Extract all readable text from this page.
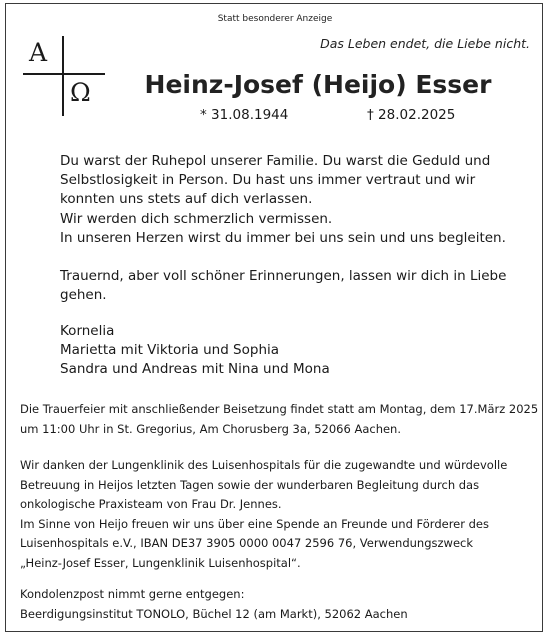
Statt besonderer Anzeige
Das Leben endet, die Liebe nicht.
A
Ω	Heinz-Josef (Heijo) Esser
* 31.08.1944	† 28.02.2025
Du warst der Ruhepol unserer Familie. Du warst die Geduld und
Selbstlosigkeit in Person. Du hast uns immer vertraut und wir
konnten uns stets auf dich verlassen.
Wir werden dich schmerzlich vermissen.
In unseren Herzen wirst du immer bei uns sein und uns begleiten.
Trauernd, aber voll schöner Erinnerungen, lassen wir dich in Liebe
gehen.
Kornelia
Marietta mit Viktoria und Sophia
Sandra und Andreas mit Nina und Mona
Die Trauerfeier mit anschließender Beisetzung findet statt am Montag, dem 17.März 2025
um 11:00 Uhr in St. Gregorius, Am Chorusberg 3a, 52066 Aachen.
Wir danken der Lungenklinik des Luisenhospitals für die zugewandte und würdevolle
Betreuung in Heijos letzten Tagen sowie der wunderbaren Begleitung durch das
onkologische Praxisteam von Frau Dr. Jennes.
Im Sinne von Heijo freuen wir uns über eine Spende an Freunde und Förderer des
Luisenhospitals e.V., IBAN DE37 3905 0000 0047 2596 76, Verwendungszweck
„Heinz-Josef Esser, Lungenklinik Luisenhospital“.
Kondolenzpost nimmt gerne entgegen:
Beerdigungsinstitut TONOLO, Büchel 12 (am Markt), 52062 Aachen
